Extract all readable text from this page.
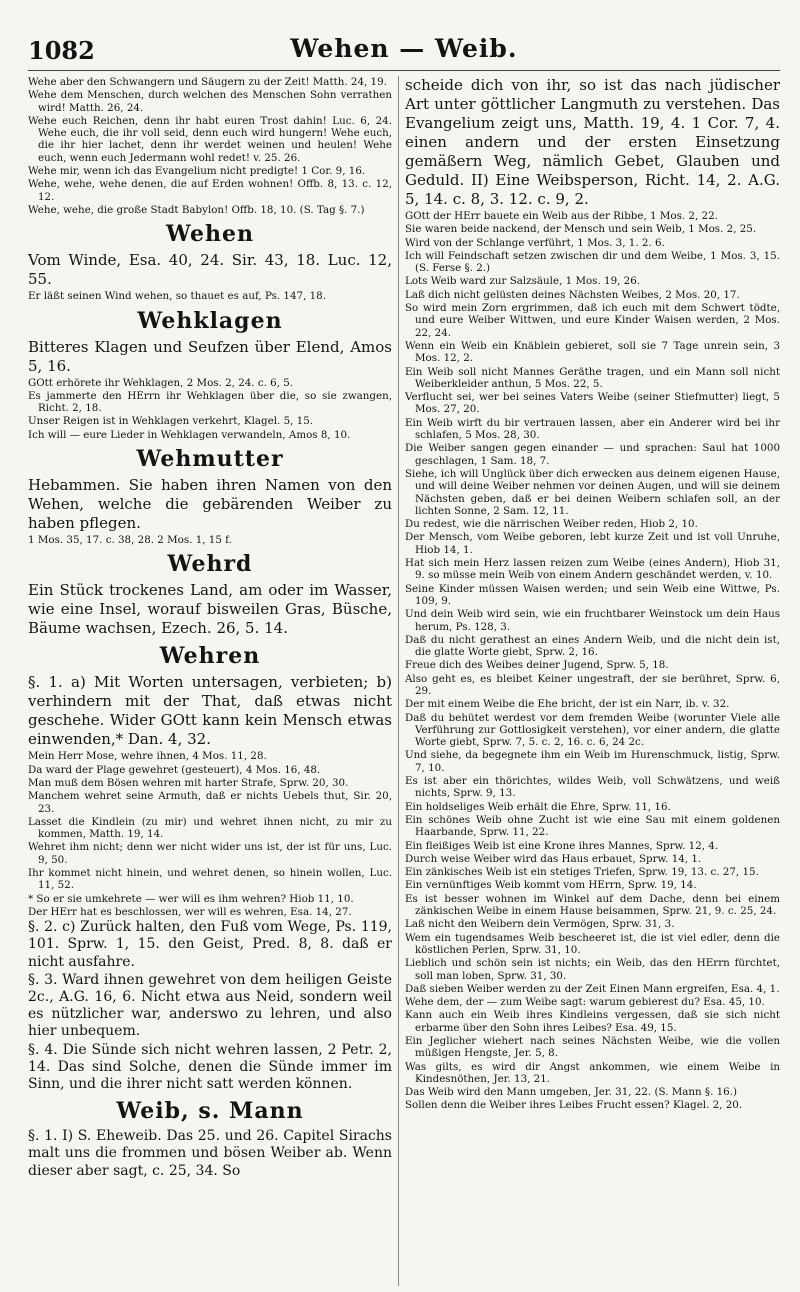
1082	Wehen — Weib.
Wehe aber den Schwangern und Säugern zu der Zeit! Matth. 24, 19.
Wehe dem Menschen, durch welchen des Menschen Sohn verrathen wird! Matth. 26, 24.
Wehe euch Reichen, denn ihr habt euren Trost dahin! Luc. 6, 24. Wehe euch, die ihr voll seid, denn euch wird hungern! Wehe euch, die ihr hier lachet, denn ihr werdet weinen und heulen! Wehe euch, wenn euch Jedermann wohl redet! v. 25. 26.
Wehe mir, wenn ich das Evangelium nicht predigte! 1 Cor. 9, 16.
Wehe, wehe, wehe denen, die auf Erden wohnen! Offb. 8, 13. c. 12, 12.
Wehe, wehe, die große Stadt Babylon! Offb. 18, 10. (S. Tag §. 7.)
Wehen
Vom Winde, Esa. 40, 24. Sir. 43, 18. Luc. 12, 55.
Er läßt seinen Wind wehen, so thauet es auf, Ps. 147, 18.
Wehklagen
Bitteres Klagen und Seufzen über Elend, Amos 5, 16.
GOtt erhörete ihr Wehklagen, 2 Mos. 2, 24. c. 6, 5.
Es jammerte den HErrn ihr Wehklagen über die, so sie zwangen, Richt. 2, 18.
Unser Reigen ist in Wehklagen verkehrt, Klagel. 5, 15.
Ich will — eure Lieder in Wehklagen verwandeln, Amos 8, 10.
Wehmutter
Hebammen. Sie haben ihren Namen von den Wehen, welche die gebärenden Weiber zu haben pflegen.
1 Mos. 35, 17. c. 38, 28. 2 Mos. 1, 15 f.
Wehrd
Ein Stück trockenes Land, am oder im Wasser, wie eine Insel, worauf bisweilen Gras, Büsche, Bäume wachsen, Ezech. 26, 5. 14.
Wehren
§. 1. a) Mit Worten untersagen, verbieten; b) verhindern mit der That, daß etwas nicht geschehe. Wider GOtt kann kein Mensch etwas einwenden,* Dan. 4, 32.
Mein Herr Mose, wehre ihnen, 4 Mos. 11, 28.
Da ward der Plage gewehret (gesteuert), 4 Mos. 16, 48.
Man muß dem Bösen wehren mit harter Strafe, Sprw. 20, 30.
Manchem wehret seine Armuth, daß er nichts Uebels thut, Sir. 20, 23.
Lasset die Kindlein (zu mir) und wehret ihnen nicht, zu mir zu kommen, Matth. 19, 14.
Wehret ihm nicht; denn wer nicht wider uns ist, der ist für uns, Luc. 9, 50.
Ihr kommet nicht hinein, und wehret denen, so hinein wollen, Luc. 11, 52.
* So er sie umkehrete — wer will es ihm wehren? Hiob 11, 10.
Der HErr hat es beschlossen, wer will es wehren, Esa. 14, 27.
§. 2. c) Zurück halten, den Fuß vom Wege, Ps. 119, 101. Sprw. 1, 15. den Geist, Pred. 8, 8. daß er nicht ausfahre.
§. 3. Ward ihnen gewehret von dem heiligen Geiste 2c., A.G. 16, 6. Nicht etwa aus Neid, sondern weil es nützlicher war, anderswo zu lehren, und also hier unbequem.
§. 4. Die Sünde sich nicht wehren lassen, 2 Petr. 2, 14. Das sind Solche, denen die Sünde immer im Sinn, und die ihrer nicht satt werden können.
Weib, s. Mann
§. 1. I) S. Eheweib. Das 25. und 26. Capitel Sirachs malt uns die frommen und bösen Weiber ab. Wenn dieser aber sagt, c. 25, 34. So
scheide dich von ihr, so ist das nach jüdischer Art unter göttlicher Langmuth zu verstehen. Das Evangelium zeigt uns, Matth. 19, 4. 1 Cor. 7, 4. einen andern und der ersten Einsetzung gemäßern Weg, nämlich Gebet, Glauben und Geduld. II) Eine Weibsperson, Richt. 14, 2. A.G. 5, 14. c. 8, 3. 12. c. 9, 2.
GOtt der HErr bauete ein Weib aus der Ribbe, 1 Mos. 2, 22.
Sie waren beide nackend, der Mensch und sein Weib, 1 Mos. 2, 25.
Wird von der Schlange verführt, 1 Mos. 3, 1. 2. 6.
Ich will Feindschaft setzen zwischen dir und dem Weibe, 1 Mos. 3, 15. (S. Ferse §. 2.)
Lots Weib ward zur Salzsäule, 1 Mos. 19, 26.
Laß dich nicht gelüsten deines Nächsten Weibes, 2 Mos. 20, 17.
So wird mein Zorn ergrimmen, daß ich euch mit dem Schwert tödte, und eure Weiber Wittwen, und eure Kinder Waisen werden, 2 Mos. 22, 24.
Wenn ein Weib ein Knäblein gebieret, soll sie 7 Tage unrein sein, 3 Mos. 12, 2.
Ein Weib soll nicht Mannes Geräthe tragen, und ein Mann soll nicht Weiberkleider anthun, 5 Mos. 22, 5.
Verflucht sei, wer bei seines Vaters Weibe (seiner Stiefmutter) liegt, 5 Mos. 27, 20.
Ein Weib wirft du bir vertrauen lassen, aber ein Anderer wird bei ihr schlafen, 5 Mos. 28, 30.
Die Weiber sangen gegen einander — und sprachen: Saul hat 1000 geschlagen, 1 Sam. 18, 7.
Siehe, ich will Unglück über dich erwecken aus deinem eigenen Hause, und will deine Weiber nehmen vor deinen Augen, und will sie deinem Nächsten geben, daß er bei deinen Weibern schlafen soll, an der lichten Sonne, 2 Sam. 12, 11.
Du redest, wie die närrischen Weiber reden, Hiob 2, 10.
Der Mensch, vom Weibe geboren, lebt kurze Zeit und ist voll Unruhe, Hiob 14, 1.
Hat sich mein Herz lassen reizen zum Weibe (eines Andern), Hiob 31, 9. so müsse mein Weib von einem Andern geschändet werden, v. 10.
Seine Kinder müssen Waisen werden; und sein Weib eine Wittwe, Ps. 109, 9.
Und dein Weib wird sein, wie ein fruchtbarer Weinstock um dein Haus herum, Ps. 128, 3.
Daß du nicht gerathest an eines Andern Weib, und die nicht dein ist, die glatte Worte giebt, Sprw. 2, 16.
Freue dich des Weibes deiner Jugend, Sprw. 5, 18.
Also geht es, es bleibet Keiner ungestraft, der sie berühret, Sprw. 6, 29.
Der mit einem Weibe die Ehe bricht, der ist ein Narr, ib. v. 32.
Daß du behütet werdest vor dem fremden Weibe (worunter Viele alle Verführung zur Gottlosigkeit verstehen), vor einer andern, die glatte Worte giebt, Sprw. 7, 5. c. 2, 16. c. 6, 24 2c.
Und siehe, da begegnete ihm ein Weib im Hurenschmuck, listig, Sprw. 7, 10.
Es ist aber ein thörichtes, wildes Weib, voll Schwätzens, und weiß nichts, Sprw. 9, 13.
Ein holdseliges Weib erhält die Ehre, Sprw. 11, 16.
Ein schönes Weib ohne Zucht ist wie eine Sau mit einem goldenen Haarbande, Sprw. 11, 22.
Ein fleißiges Weib ist eine Krone ihres Mannes, Sprw. 12, 4.
Durch weise Weiber wird das Haus erbauet, Sprw. 14, 1.
Ein zänkisches Weib ist ein stetiges Triefen, Sprw. 19, 13. c. 27, 15.
Ein vernünftiges Weib kommt vom HErrn, Sprw. 19, 14.
Es ist besser wohnen im Winkel auf dem Dache, denn bei einem zänkischen Weibe in einem Hause beisammen, Sprw. 21, 9. c. 25, 24.
Laß nicht den Weibern dein Vermögen, Sprw. 31, 3.
Wem ein tugendsames Weib bescheeret ist, die ist viel edler, denn die köstlichen Perlen, Sprw. 31, 10.
Lieblich und schön sein ist nichts; ein Weib, das den HErrn fürchtet, soll man loben, Sprw. 31, 30.
Daß sieben Weiber werden zu der Zeit Einen Mann ergreifen, Esa. 4, 1.
Wehe dem, der — zum Weibe sagt: warum gebierest du? Esa. 45, 10.
Kann auch ein Weib ihres Kindleins vergessen, daß sie sich nicht erbarme über den Sohn ihres Leibes? Esa. 49, 15.
Ein Jeglicher wiehert nach seines Nächsten Weibe, wie die vollen müßigen Hengste, Jer. 5, 8.
Was gilts, es wird dir Angst ankommen, wie einem Weibe in Kindesnöthen, Jer. 13, 21.
Das Weib wird den Mann umgeben, Jer. 31, 22. (S. Mann §. 16.)
Sollen denn die Weiber ihres Leibes Frucht essen? Klagel. 2, 20.
